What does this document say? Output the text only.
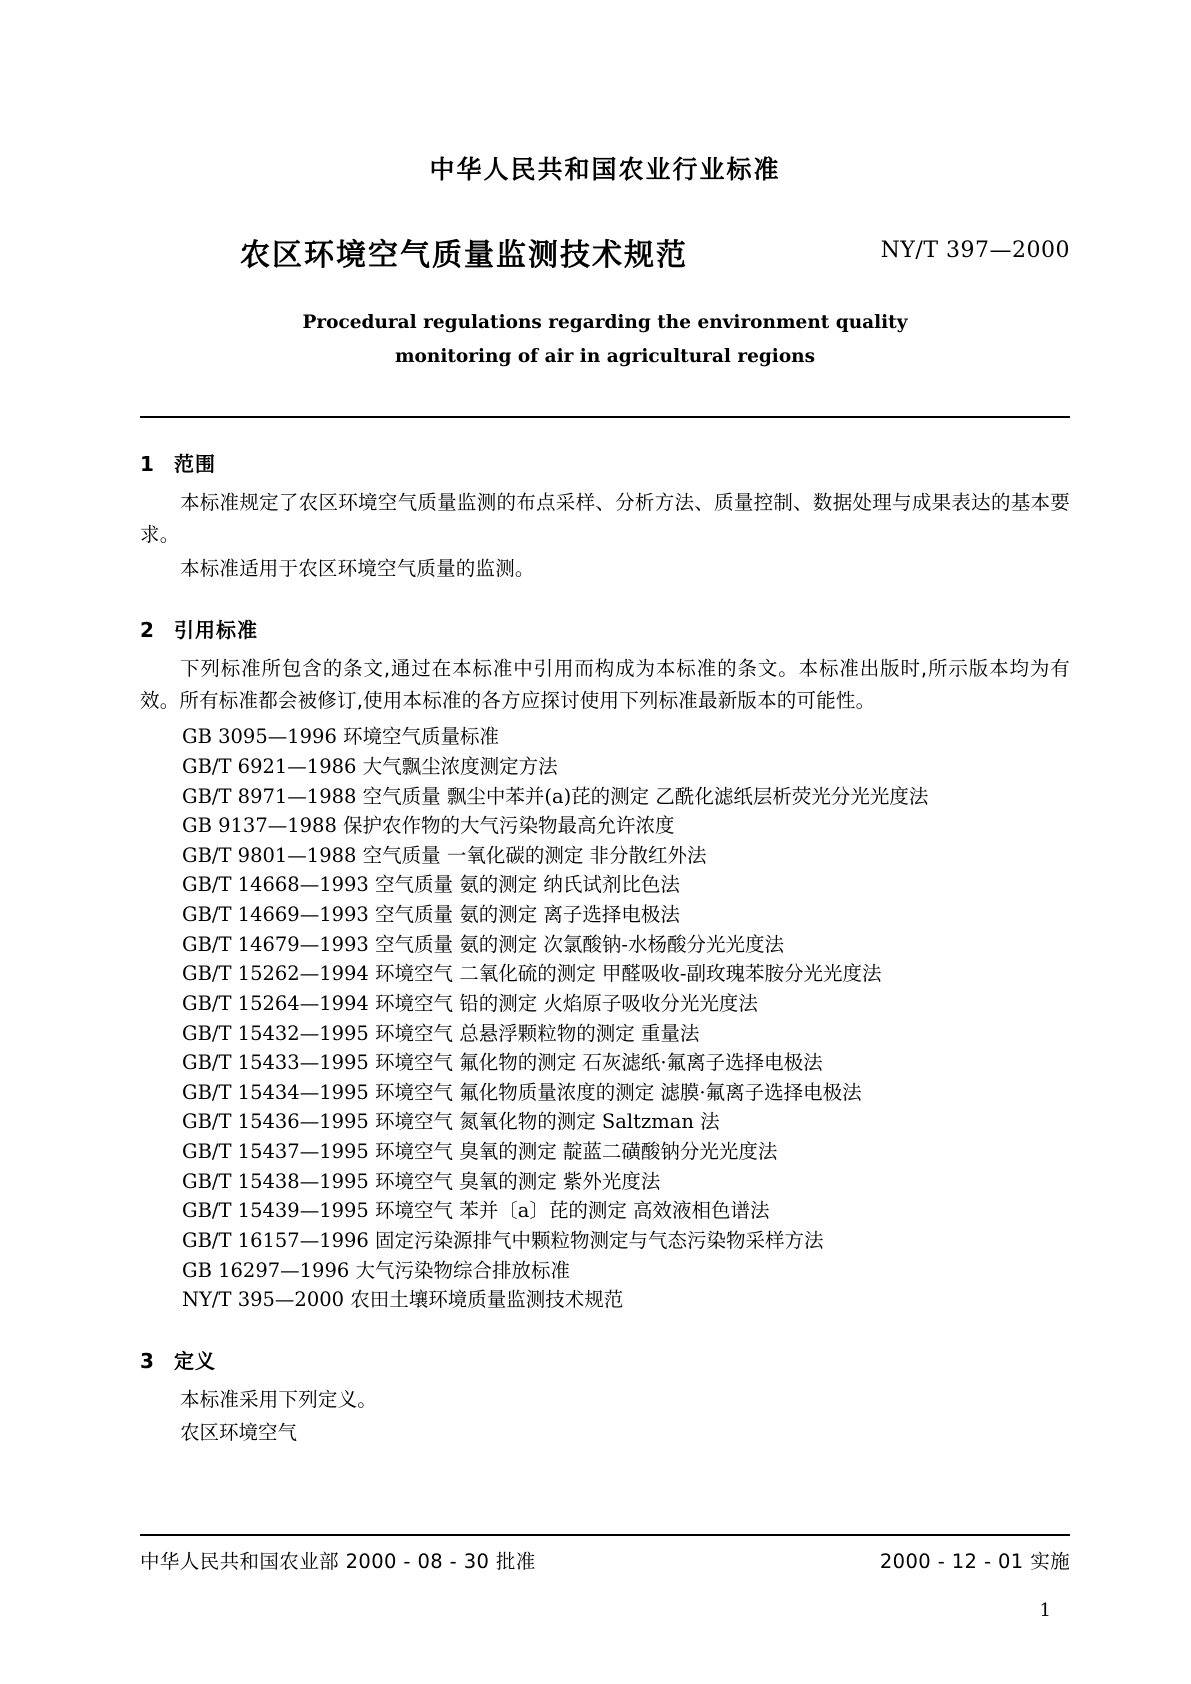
中华人民共和国农业行业标准
农区环境空气质量监测技术规范	NY/T 397—2000
Procedural regulations regarding the environment quality
monitoring of air in agricultural regions
1 范围

本标准规定了农区环境空气质量监测的布点采样、分析方法、质量控制、数据处理与成果表达的基本要求。

本标准适用于农区环境空气质量的监测。

2 引用标准

下列标准所包含的条文,通过在本标准中引用而构成为本标准的条文。本标准出版时,所示版本均为有效。所有标准都会被修订,使用本标准的各方应探讨使用下列标准最新版本的可能性。

GB 3095—1996 环境空气质量标准
GB/T 6921—1986 大气飘尘浓度测定方法
GB/T 8971—1988 空气质量 飘尘中苯并(a)芘的测定 乙酰化滤纸层析荧光分光光度法
GB 9137—1988 保护农作物的大气污染物最高允许浓度
GB/T 9801—1988 空气质量 一氧化碳的测定 非分散红外法
GB/T 14668—1993 空气质量 氨的测定 纳氏试剂比色法
GB/T 14669—1993 空气质量 氨的测定 离子选择电极法
GB/T 14679—1993 空气质量 氨的测定 次氯酸钠-水杨酸分光光度法
GB/T 15262—1994 环境空气 二氧化硫的测定 甲醛吸收-副玫瑰苯胺分光光度法
GB/T 15264—1994 环境空气 铅的测定 火焰原子吸收分光光度法
GB/T 15432—1995 环境空气 总悬浮颗粒物的测定 重量法
GB/T 15433—1995 环境空气 氟化物的测定 石灰滤纸·氟离子选择电极法
GB/T 15434—1995 环境空气 氟化物质量浓度的测定 滤膜·氟离子选择电极法
GB/T 15436—1995 环境空气 氮氧化物的测定 Saltzman 法
GB/T 15437—1995 环境空气 臭氧的测定 靛蓝二磺酸钠分光光度法
GB/T 15438—1995 环境空气 臭氧的测定 紫外光度法
GB/T 15439—1995 环境空气 苯并〔a〕芘的测定 高效液相色谱法
GB/T 16157—1996 固定污染源排气中颗粒物测定与气态污染物采样方法
GB 16297—1996 大气污染物综合排放标准
NY/T 395—2000 农田土壤环境质量监测技术规范
3 定义

本标准采用下列定义。

农区环境空气

中华人民共和国农业部 2000 - 08 - 30 批准	2000 - 12 - 01 实施
1
